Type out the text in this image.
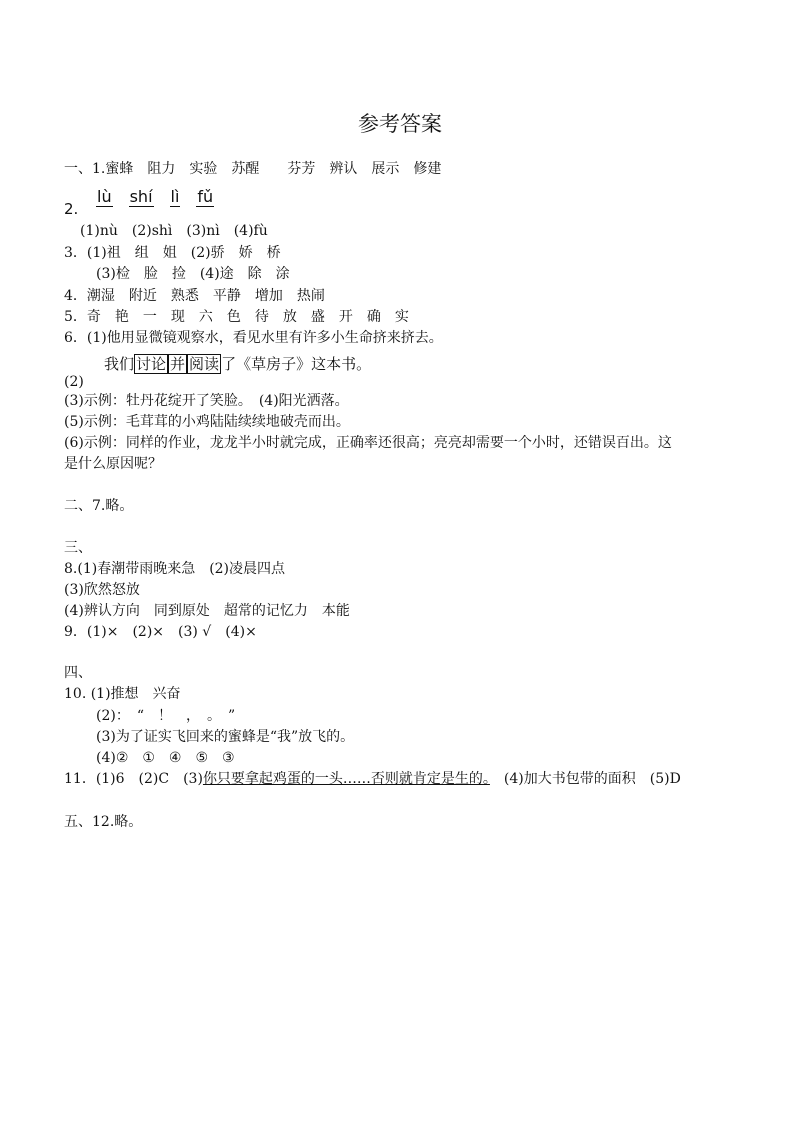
参考答案
一、1.蜜蜂　阻力　实验　苏醒　　芬芳　辨认　展示　修建
2.
lù shí lì fǔ
(1)nù　(2)shì　(3)nì　(4)fù
3．(1)祖　组　姐　(2)骄　娇　桥
(3)检　脸　捡　(4)途　除　涂
4．潮湿　附近　熟悉　平静　增加　热闹
5．奇　艳　一　现　六　色　待　放　盛　开　确　实
6．(1)他用显微镜观察水，看见水里有许多小生命挤来挤去。
我们 讨论 并 阅读 了《草房子》这本书。
(2)
(3)示例：牡丹花绽开了笑脸。　(4)阳光洒落。
(5)示例：毛茸茸的小鸡陆陆续续地破壳而出。
(6)示例：同样的作业，龙龙半小时就完成，正确率还很高；亮亮却需要一个小时，还错误百出。这
是什么原因呢？
二、7.略。
三、
8.(1)春潮带雨晚来急　(2)凌晨四点
(3)欣然怒放
(4)辨认方向　同到原处　超常的记忆力　本能
9．(1)×　(2)×　(3) √　(4)×
四、
10. (1)推想　兴奋
(2)：　“　！　，　。　”
(3)为了证实飞回来的蜜蜂是“我”放飞的。
(4)②　①　④　⑤　③
11．(1)6　(2)C　(3)你只要拿起鸡蛋的一头……否则就肯定是生的。　(4)加大书包带的面积　(5)D
五、12.略。
